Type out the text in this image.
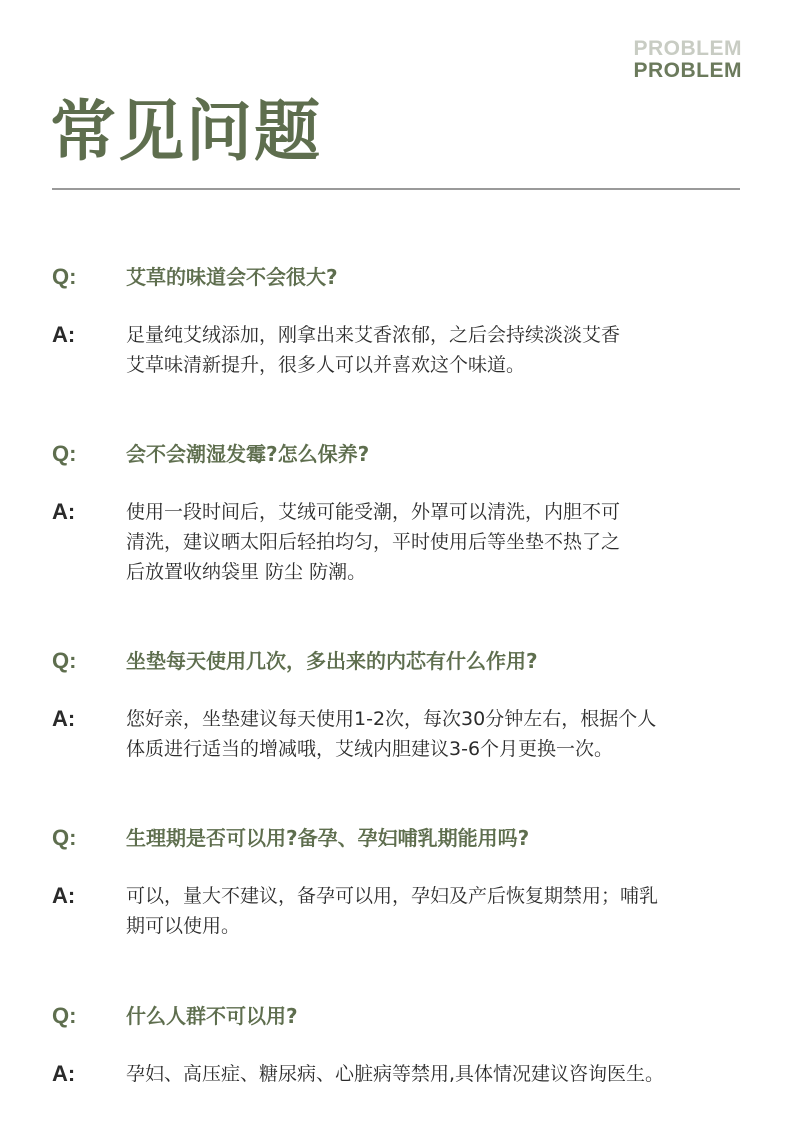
PROBLEM
PROBLEM
常见问题
Q: 艾草的味道会不会很大?

A:	足量纯艾绒添加，刚拿出来艾香浓郁，之后会持续淡淡艾香
艾草味清新提升，很多人可以并喜欢这个味道。

Q: 会不会潮湿发霉?怎么保养?

A:	使用一段时间后，艾绒可能受潮，外罩可以清洗，内胆不可
清洗，建议晒太阳后轻拍均匀，平时使用后等坐垫不热了之
后放置收纳袋里 防尘 防潮。

Q: 坐垫每天使用几次，多出来的内芯有什么作用?

A:	您好亲，坐垫建议每天使用1-2次，每次30分钟左右，根据个人
体质进行适当的增减哦，艾绒内胆建议3-6个月更换一次。

Q: 生理期是否可以用?备孕、孕妇哺乳期能用吗?

A:	可以，量大不建议，备孕可以用，孕妇及产后恢复期禁用；哺乳
期可以使用。

Q: 什么人群不可以用?

A:	孕妇、高压症、糖尿病、心脏病等禁用,具体情况建议咨询医生。
